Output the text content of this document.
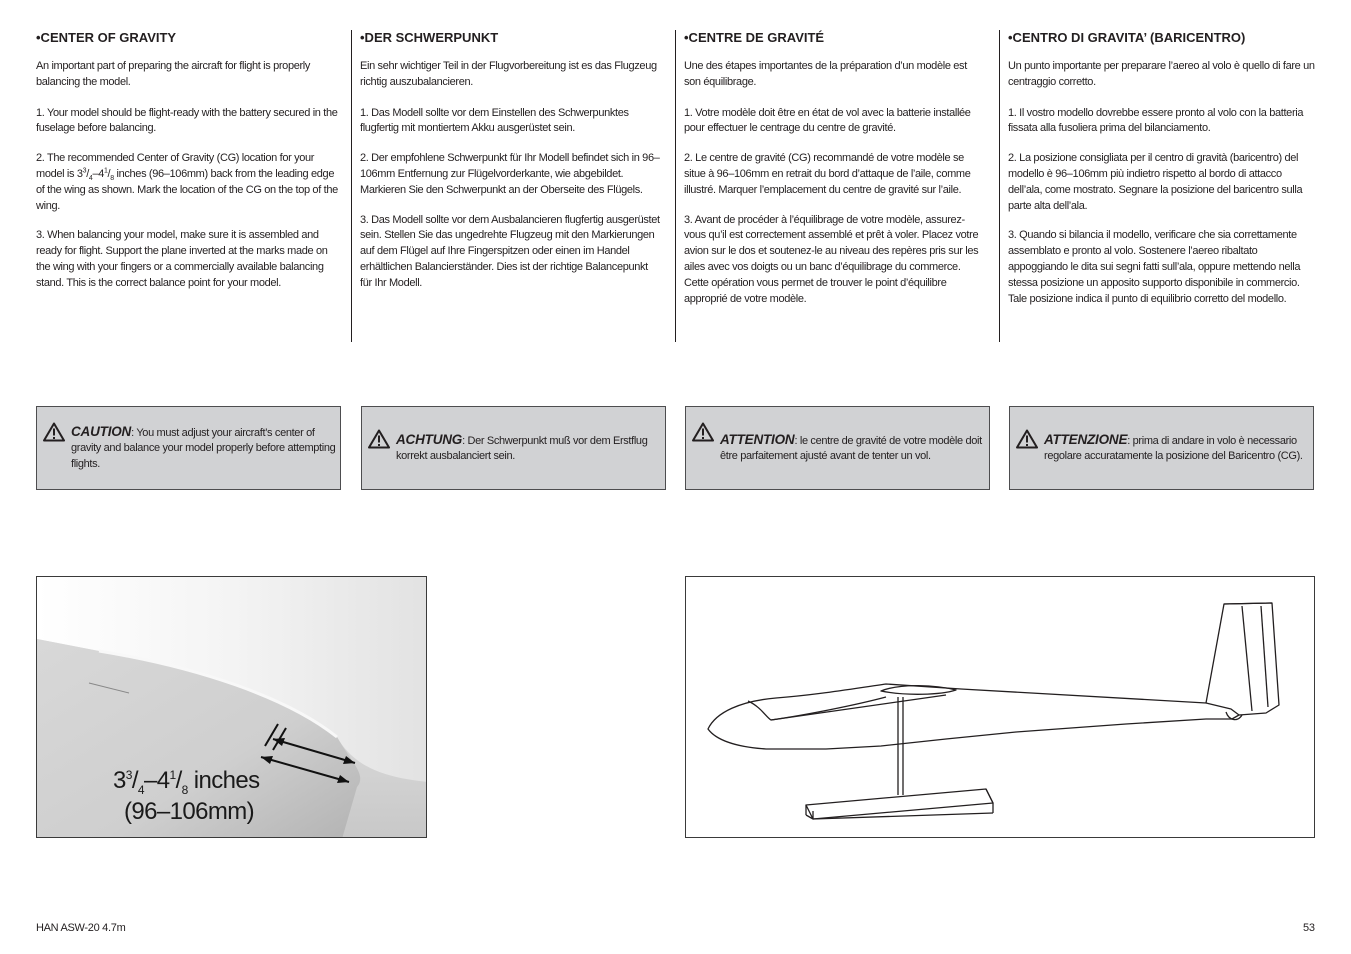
•CENTER OF GRAVITY

An important part of preparing the aircraft for flight is properly balancing the model.

1. Your model should be flight-ready with the battery secured in the fuselage before balancing.

2. The recommended Center of Gravity (CG) location for your model is $3^3/_4-4^1/_8$ inches (96–106mm) back from the leading edge of the wing as shown. Mark the location of the CG on the top of the wing.

3. When balancing your model, make sure it is assembled and ready for flight. Support the plane inverted at the marks made on the wing with your fingers or a commercially available balancing stand. This is the correct balance point for your model.

•DER SCHWERPUNKT

Ein sehr wichtiger Teil in der Flugvorbereitung ist es das Flugzeug richtig auszubalancieren.

1. Das Modell sollte vor dem Einstellen des Schwerpunktes flugfertig mit montiertem Akku ausgerüstet sein.

2. Der empfohlene Schwerpunkt für Ihr Modell befindet sich in 96–106mm Entfernung zur Flügelvorderkante, wie abgebildet. Markieren Sie den Schwerpunkt an der Oberseite des Flügels.

3. Das Modell sollte vor dem Ausbalancieren flugfertig ausgerüstet sein. Stellen Sie das ungedrehte Flugzeug mit den Markierungen auf dem Flügel auf Ihre Fingerspitzen oder einen im Handel erhältlichen Balancierständer. Dies ist der richtige Balancepunkt für Ihr Modell.

•CENTRE DE GRAVITÉ

Une des étapes importantes de la préparation d’un modèle est son équilibrage.

1. Votre modèle doit être en état de vol avec la batterie installée pour effectuer le centrage du centre de gravité.

2. Le centre de gravité (CG) recommandé de votre modèle se situe à 96–106mm en retrait du bord d’attaque de l’aile, comme illustré. Marquer l’emplacement du centre de gravité sur l’aile.

3. Avant de procéder à l’équilibrage de votre modèle, assurez-vous qu’il est correctement assemblé et prêt à voler. Placez votre avion sur le dos et soutenez-le au niveau des repères pris sur les ailes avec vos doigts ou un banc d’équilibrage du commerce. Cette opération vous permet de trouver le point d’équilibre approprié de votre modèle.

•CENTRO DI GRAVITA’ (BARICENTRO)

Un punto importante per preparare l’aereo al volo è quello di fare un centraggio corretto.

1. Il vostro modello dovrebbe essere pronto al volo con la batteria fissata alla fusoliera prima del bilanciamento.

2. La posizione consigliata per il centro di gravità (baricentro) del modello è 96–106mm più indietro rispetto al bordo di attacco dell’ala, come mostrato. Segnare la posizione del baricentro sulla parte alta dell’ala.

3. Quando si bilancia il modello, verificare che sia correttamente assemblato e pronto al volo. Sostenere l’aereo ribaltato appoggiando le dita sui segni fatti sull’ala, oppure mettendo nella stessa posizione un apposito supporto disponibile in commercio. Tale posizione indica il punto di equilibrio corretto del modello.

CAUTION: You must adjust your aircraft’s center of gravity and balance your model properly before attempting flights.
ACHTUNG: Der Schwerpunkt muß vor dem Erstflug korrekt ausbalanciert sein.
ATTENTION: le centre de gravité de votre modèle doit être parfaitement ajusté avant de tenter un vol.
ATTENZIONE: prima di andare in volo è necessario regolare accuratamente la posizione del Baricentro (CG).
$3^3/_4-4^1/_8$ inches
(96–106mm)
HAN ASW-20 4.7m	53
